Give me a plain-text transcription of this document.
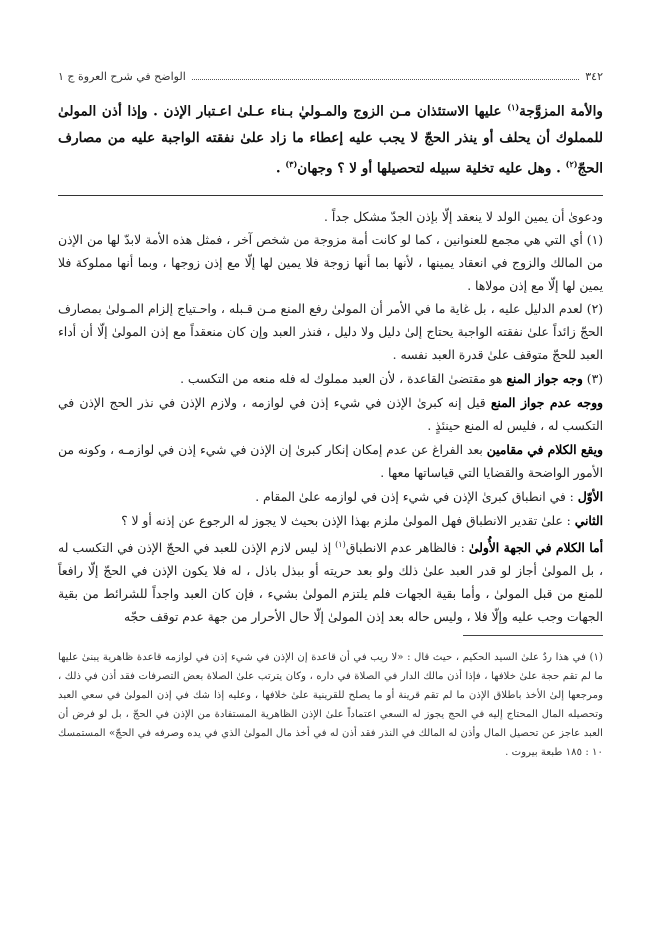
٣٤٢
الواضح في شرح العروة ج ١
والأمة المزوَّجة$^{(١)}$ عليها الاستئذان مـن الزوج والمـوليٰ بـناء عـلىٰ اعـتبار الإذن . وإذا أذن المولىٰ للمملوك أن يحلف أو ينذر الحجّ لا يجب عليه إعطاء ما زاد علىٰ نفقته الواجبة عليه من مصارف الحجّ$^{(٢)}$ . وهل عليه تخلية سبيله لتحصيلها أو لا ؟ وجهان$^{(٣)}$ .

ودعوىٰ أن يمين الولد لا ينعقد إلّا بإذن الجدّ مشكل جداً .

(١) أي التي هي مجمع للعنوانين ، كما لو كانت أمة مزوجة من شخص آخر ، فمثل هذه الأمة لابدّ لها من الإذن من المالك والزوج في انعقاد يمينها ، لأنها بما أنها زوجة فلا يمين لها إلّا مع إذن زوجها ، وبما أنها مملوكة فلا يمين لها إلّا مع إذن مولاها .

(٢) لعدم الدليل عليه ، بل غاية ما في الأمر أن المولىٰ رفع المنع مـن قـبله ، واحـتياج إلزام المـولىٰ بمصارف الحجّ زائداً علىٰ نفقته الواجبة يحتاج إلىٰ دليل ولا دليل ، فنذر العبد وإن كان منعقداً مع إذن المولىٰ إلّا أن أداء العبد للحجّ متوقف علىٰ قدرة العبد نفسه .

(٣) وجه جواز المنع هو مقتضىٰ القاعدة ، لأن العبد مملوك له فله منعه من التكسب .

ووجه عدم جواز المنع قيل إنه كبرىٰ الإذن في شيء إذن في لوازمه ، ولازم الإذن في نذر الحج الإذن في التكسب له ، فليس له المنع حينئذٍ .

ويقع الكلام في مقامين بعد الفراغ عن عدم إمكان إنكار كبرىٰ إن الإذن في شيء إذن في لوازمـه ، وكونه من الأمور الواضحة والقضايا التي قياساتها معها .

الأوّل : في انطباق كبرىٰ الإذن في شيء إذن في لوازمه علىٰ المقام .

الثاني : علىٰ تقدير الانطباق فهل المولىٰ ملزم بهذا الإذن بحيث لا يجوز له الرجوع عن إذنه أو لا ؟

أما الكلام في الجهة الأُولىٰ : فالظاهر عدم الانطباق$^{(١)}$ إذ ليس لازم الإذن للعبد في الحجّ الإذن في التكسب له ، بل المولىٰ أجاز لو قدر العبد علىٰ ذلك ولو بعد حريته أو ببذل باذل ، له فلا يكون الإذن في الحجّ إلّا رافعاً للمنع من قبل المولىٰ ، وأما بقية الجهات فلم يلتزم المولىٰ بشيء ، فإن كان العبد واجداً للشرائط من بقية الجهات وجب عليه وإلّا فلا ، وليس حاله بعد إذن المولىٰ إلّا حال الأحرار من جهة عدم توقف حجّه

(١) في هذا ردٌ علىٰ السيد الحكيم ، حيث قال : «لا ريب في أن قاعدة إن الإذن في شيء إذن في لوازمه قاعدة ظاهرية يبنىٰ عليها ما لم تقم حجة علىٰ خلافها ، فإذا أذن مالك الدار في الصلاة في داره ، وكان يترتب علىٰ الصلاة بعض التصرفات فقد أذن في ذلك ، ومرجعها إلىٰ الأخذ باطلاق الإذن ما لم تقم قرينة أو ما يصلح للقرينية علىٰ خلافها ، وعليه إذا شك في إذن المولىٰ في سعي العبد وتحصيله المال المحتاج إليه في الحج يجوز له السعي اعتماداً علىٰ الإذن الظاهرية المستفادة من الإذن في الحجّ ، بل لو فرض أن العبد عاجز عن تحصيل المال وأذن له المالك في النذر فقد أذن له في أخذ مال المولىٰ الذي في يده وصرفه في الحجّ» المستمسك ١٠ : ١٨٥ طبعة بيروت .
